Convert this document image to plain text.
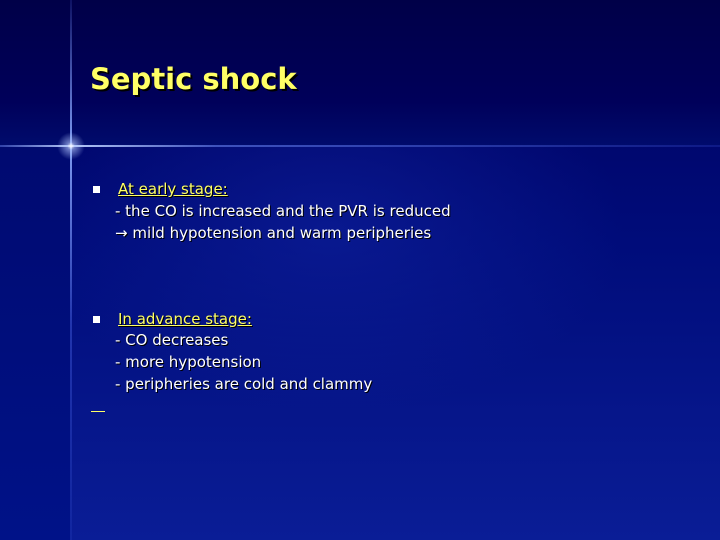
Septic shock
At early stage:
- the CO is increased and the PVR is reduced
→ mild hypotension and warm peripheries
In advance stage:
- CO decreases
- more hypotension
- peripheries are cold and clammy
